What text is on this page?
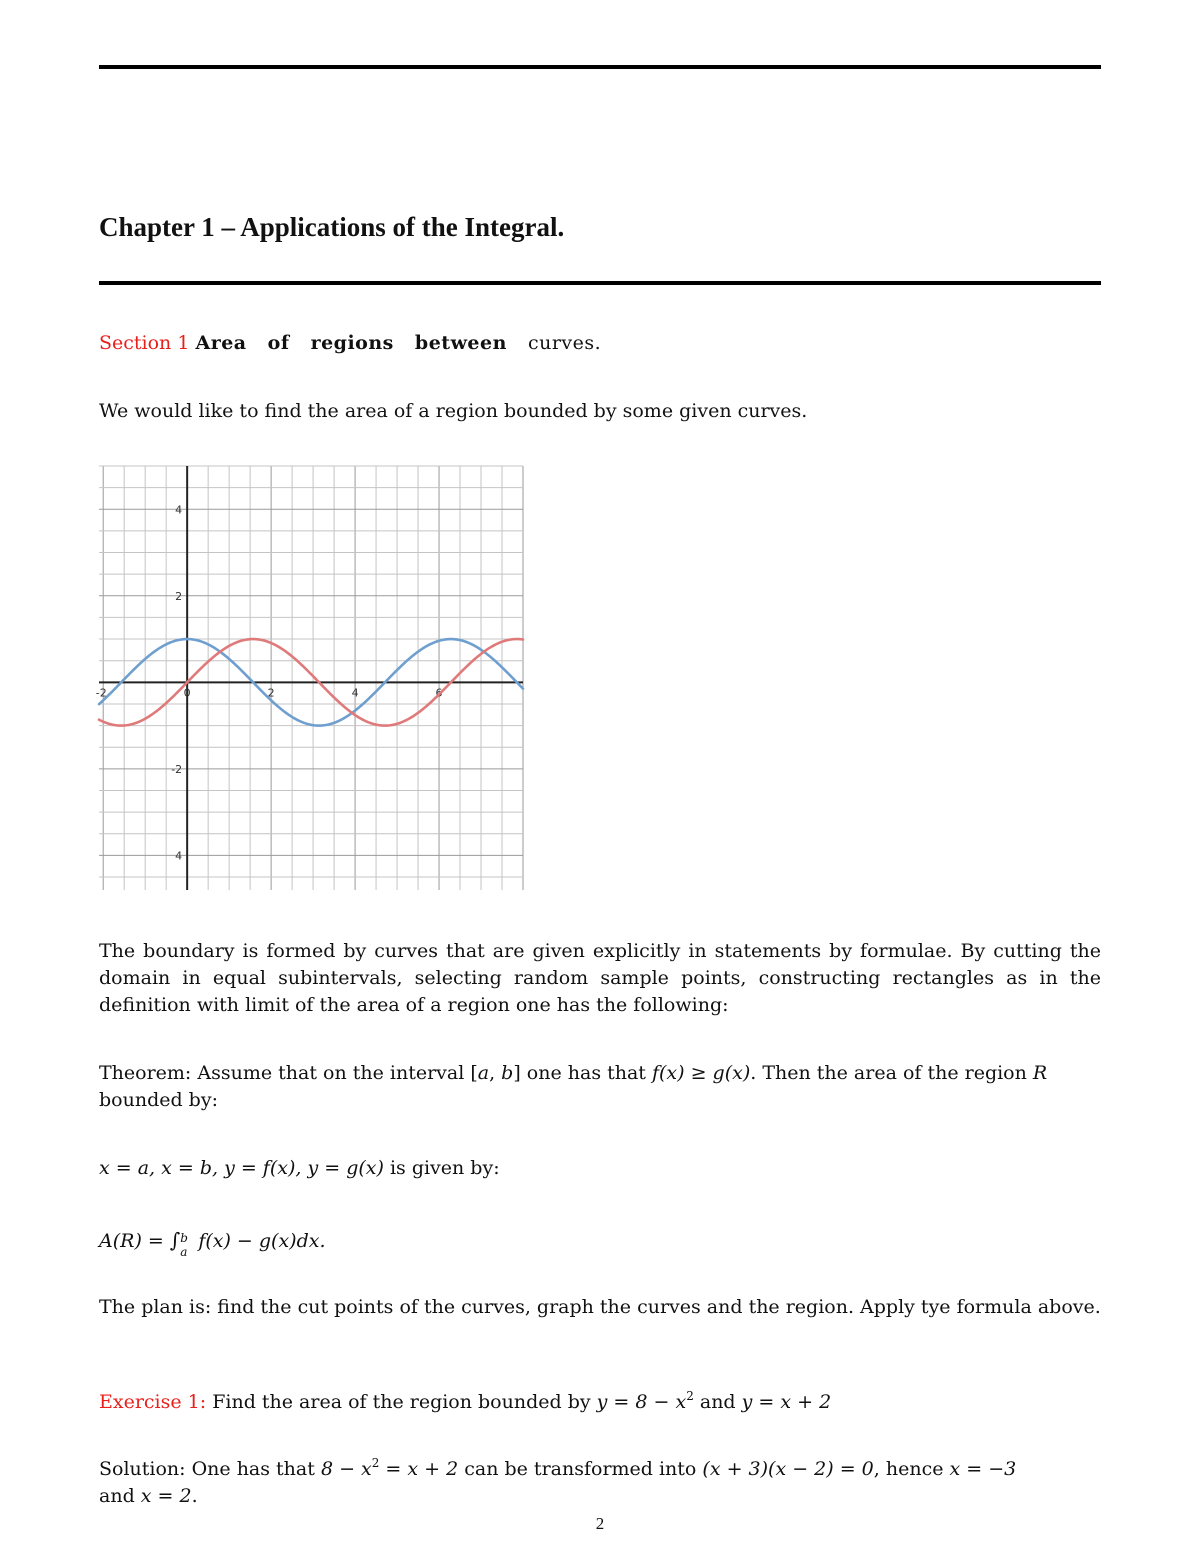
Chapter 1 – Applications of the Integral.
Section 1 Area of regions between curves.

We would like to find the area of a region bounded by some given curves.

-2	0	2	4	6
4
2
-2
4

The boundary is formed by curves that are given explicitly in statements by formulae. By cutting the domain in equal subintervals, selecting random sample points, constructing rectangles as in the definition with limit of the area of a region one has the following:

Theorem: Assume that on the interval [a, b] one has that f(x) ≥ g(x). Then the area of the region R bounded by:

x = a, x = b, y = f(x), y = g(x) is given by:

A(R) = ∫ b
a f(x) − g(x)dx.

The plan is: find the cut points of the curves, graph the curves and the region. Apply tye formula above.

Exercise 1: Find the area of the region bounded by $y = 8 - x^2$ and y = x + 2

Solution: One has that $8 - x^2 = x + 2$ can be transformed into (x + 3)(x − 2) = 0, hence x = −3
and x = 2.

2
